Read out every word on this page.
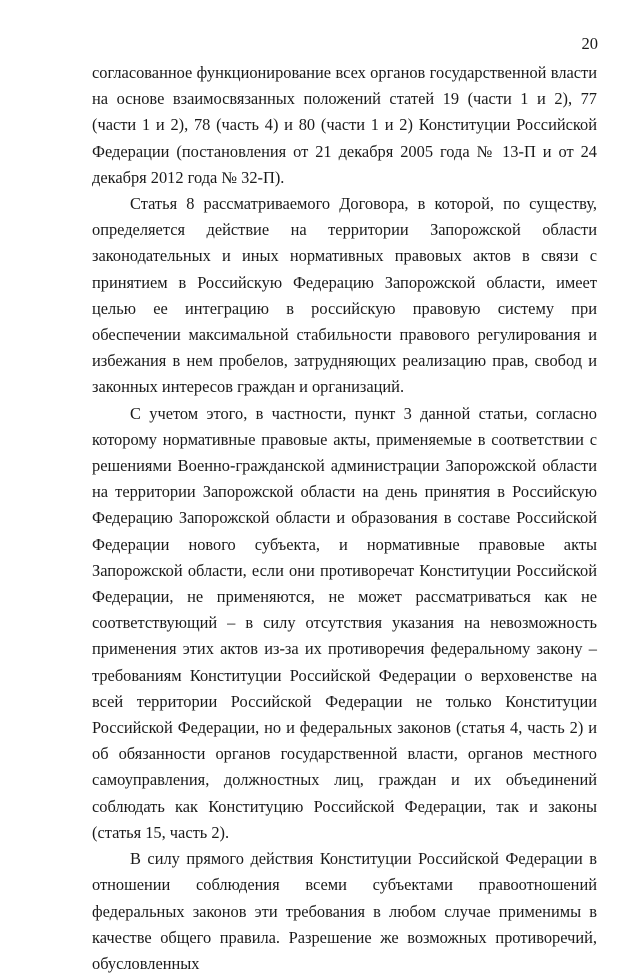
20

согласованное функционирование всех органов государственной власти на основе взаимосвязанных положений статей 19 (части 1 и 2), 77 (части 1 и 2), 78 (часть 4) и 80 (части 1 и 2) Конституции Российской Федерации (постановления от 21 декабря 2005 года № 13-П и от 24 декабря 2012 года № 32-П).

Статья 8 рассматриваемого Договора, в которой, по существу, определяется действие на территории Запорожской области законодательных и иных нормативных правовых актов в связи с принятием в Российскую Федерацию Запорожской области, имеет целью ее интеграцию в российскую правовую систему при обеспечении максимальной стабильности правового регулирования и избежания в нем пробелов, затрудняющих реализацию прав, свобод и законных интересов граждан и организаций.

С учетом этого, в частности, пункт 3 данной статьи, согласно которому нормативные правовые акты, применяемые в соответствии с решениями Военно-гражданской администрации Запорожской области на территории Запорожской области на день принятия в Российскую Федерацию Запорожской области и образования в составе Российской Федерации нового субъекта, и нормативные правовые акты Запорожской области, если они противоречат Конституции Российской Федерации, не применяются, не может рассматриваться как не соответствующий – в силу отсутствия указания на невозможность применения этих актов из-за их противоречия федеральному закону – требованиям Конституции Российской Федерации о верховенстве на всей территории Российской Федерации не только Конституции Российской Федерации, но и федеральных законов (статья 4, часть 2) и об обязанности органов государственной власти, органов местного самоуправления, должностных лиц, граждан и их объединений соблюдать как Конституцию Российской Федерации, так и законы (статья 15, часть 2).

В силу прямого действия Конституции Российской Федерации в отношении соблюдения всеми субъектами правоотношений федеральных законов эти требования в любом случае применимы в качестве общего правила. Разрешение же возможных противоречий, обусловленных
